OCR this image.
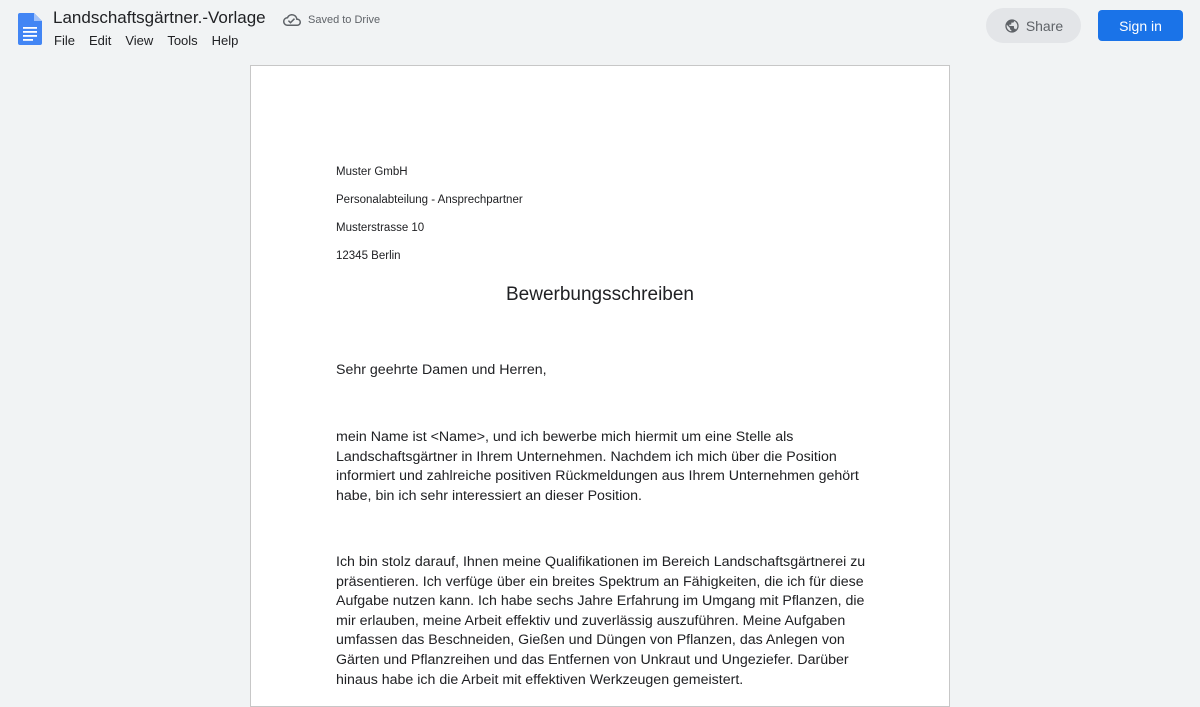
Landschaftsgärtner.-Vorlage	Saved to Drive
File	Edit	View	Tools	Help
Share	Sign in
Muster GmbH
Personalabteilung - Ansprechpartner
Musterstrasse 10
12345 Berlin
Bewerbungsschreiben
Sehr geehrte Damen und Herren,
mein Name ist <Name>, und ich bewerbe mich hiermit um eine Stelle als Landschaftsgärtner in Ihrem Unternehmen. Nachdem ich mich über die Position informiert und zahlreiche positiven Rückmeldungen aus Ihrem Unternehmen gehört habe, bin ich sehr interessiert an dieser Position.
Ich bin stolz darauf, Ihnen meine Qualifikationen im Bereich Landschaftsgärtnerei zu präsentieren. Ich verfüge über ein breites Spektrum an Fähigkeiten, die ich für diese Aufgabe nutzen kann. Ich habe sechs Jahre Erfahrung im Umgang mit Pflanzen, die mir erlauben, meine Arbeit effektiv und zuverlässig auszuführen. Meine Aufgaben umfassen das Beschneiden, Gießen und Düngen von Pflanzen, das Anlegen von Gärten und Pflanzreihen und das Entfernen von Unkraut und Ungeziefer. Darüber hinaus habe ich die Arbeit mit effektiven Werkzeugen gemeistert.
